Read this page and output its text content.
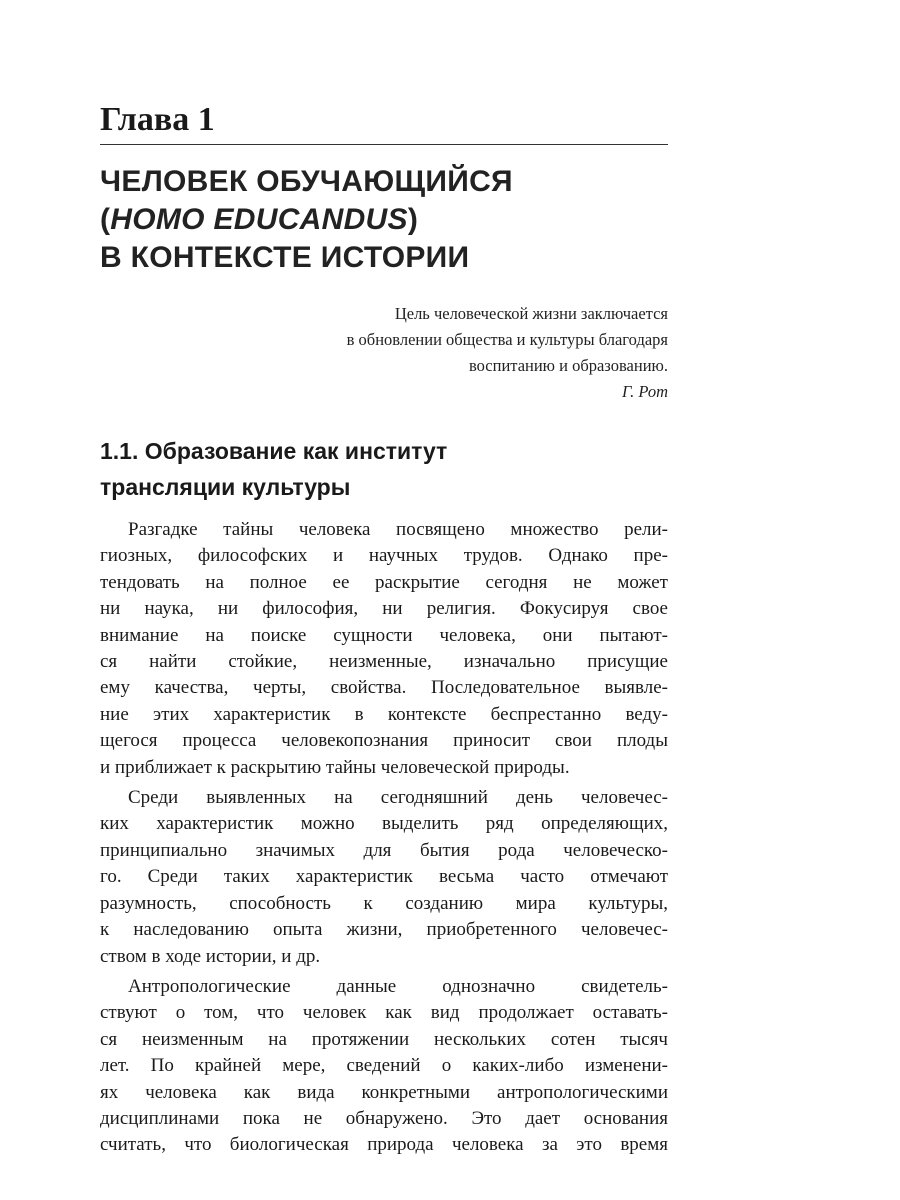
Глава 1
ЧЕЛОВЕК ОБУЧАЮЩИЙСЯ
(HOMO EDUCANDUS)
В КОНТЕКСТЕ ИСТОРИИ
Цель человеческой жизни заключается
в обновлении общества и культуры благодаря
воспитанию и образованию.
Г. Рот
1.1. Образование как институт
трансляции культуры

Разгадке тайны человека посвящено множество рели-
гиозных, философских и научных трудов. Однако пре-
тендовать на полное ее раскрытие сегодня не может
ни наука, ни философия, ни религия. Фокусируя свое
внимание на поиске сущности человека, они пытают-
ся найти стойкие, неизменные, изначально присущие
ему качества, черты, свойства. Последовательное выявле-
ние этих характеристик в контексте беспрестанно веду-
щегося процесса человекопознания приносит свои плоды
и приближает к раскрытию тайны человеческой природы.

Среди выявленных на сегодняшний день человечес-
ких характеристик можно выделить ряд определяющих,
принципиально значимых для бытия рода человеческо-
го. Среди таких характеристик весьма часто отмечают
разумность, способность к созданию мира культуры,
к наследованию опыта жизни, приобретенного человечес-
ством в ходе истории, и др.

Антропологические данные однозначно свидетель-
ствуют о том, что человек как вид продолжает оставать-
ся неизменным на протяжении нескольких сотен тысяч
лет. По крайней мере, сведений о каких-либо изменени-
ях человека как вида конкретными антропологическими
дисциплинами пока не обнаружено. Это дает основания
считать, что биологическая природа человека за это время
